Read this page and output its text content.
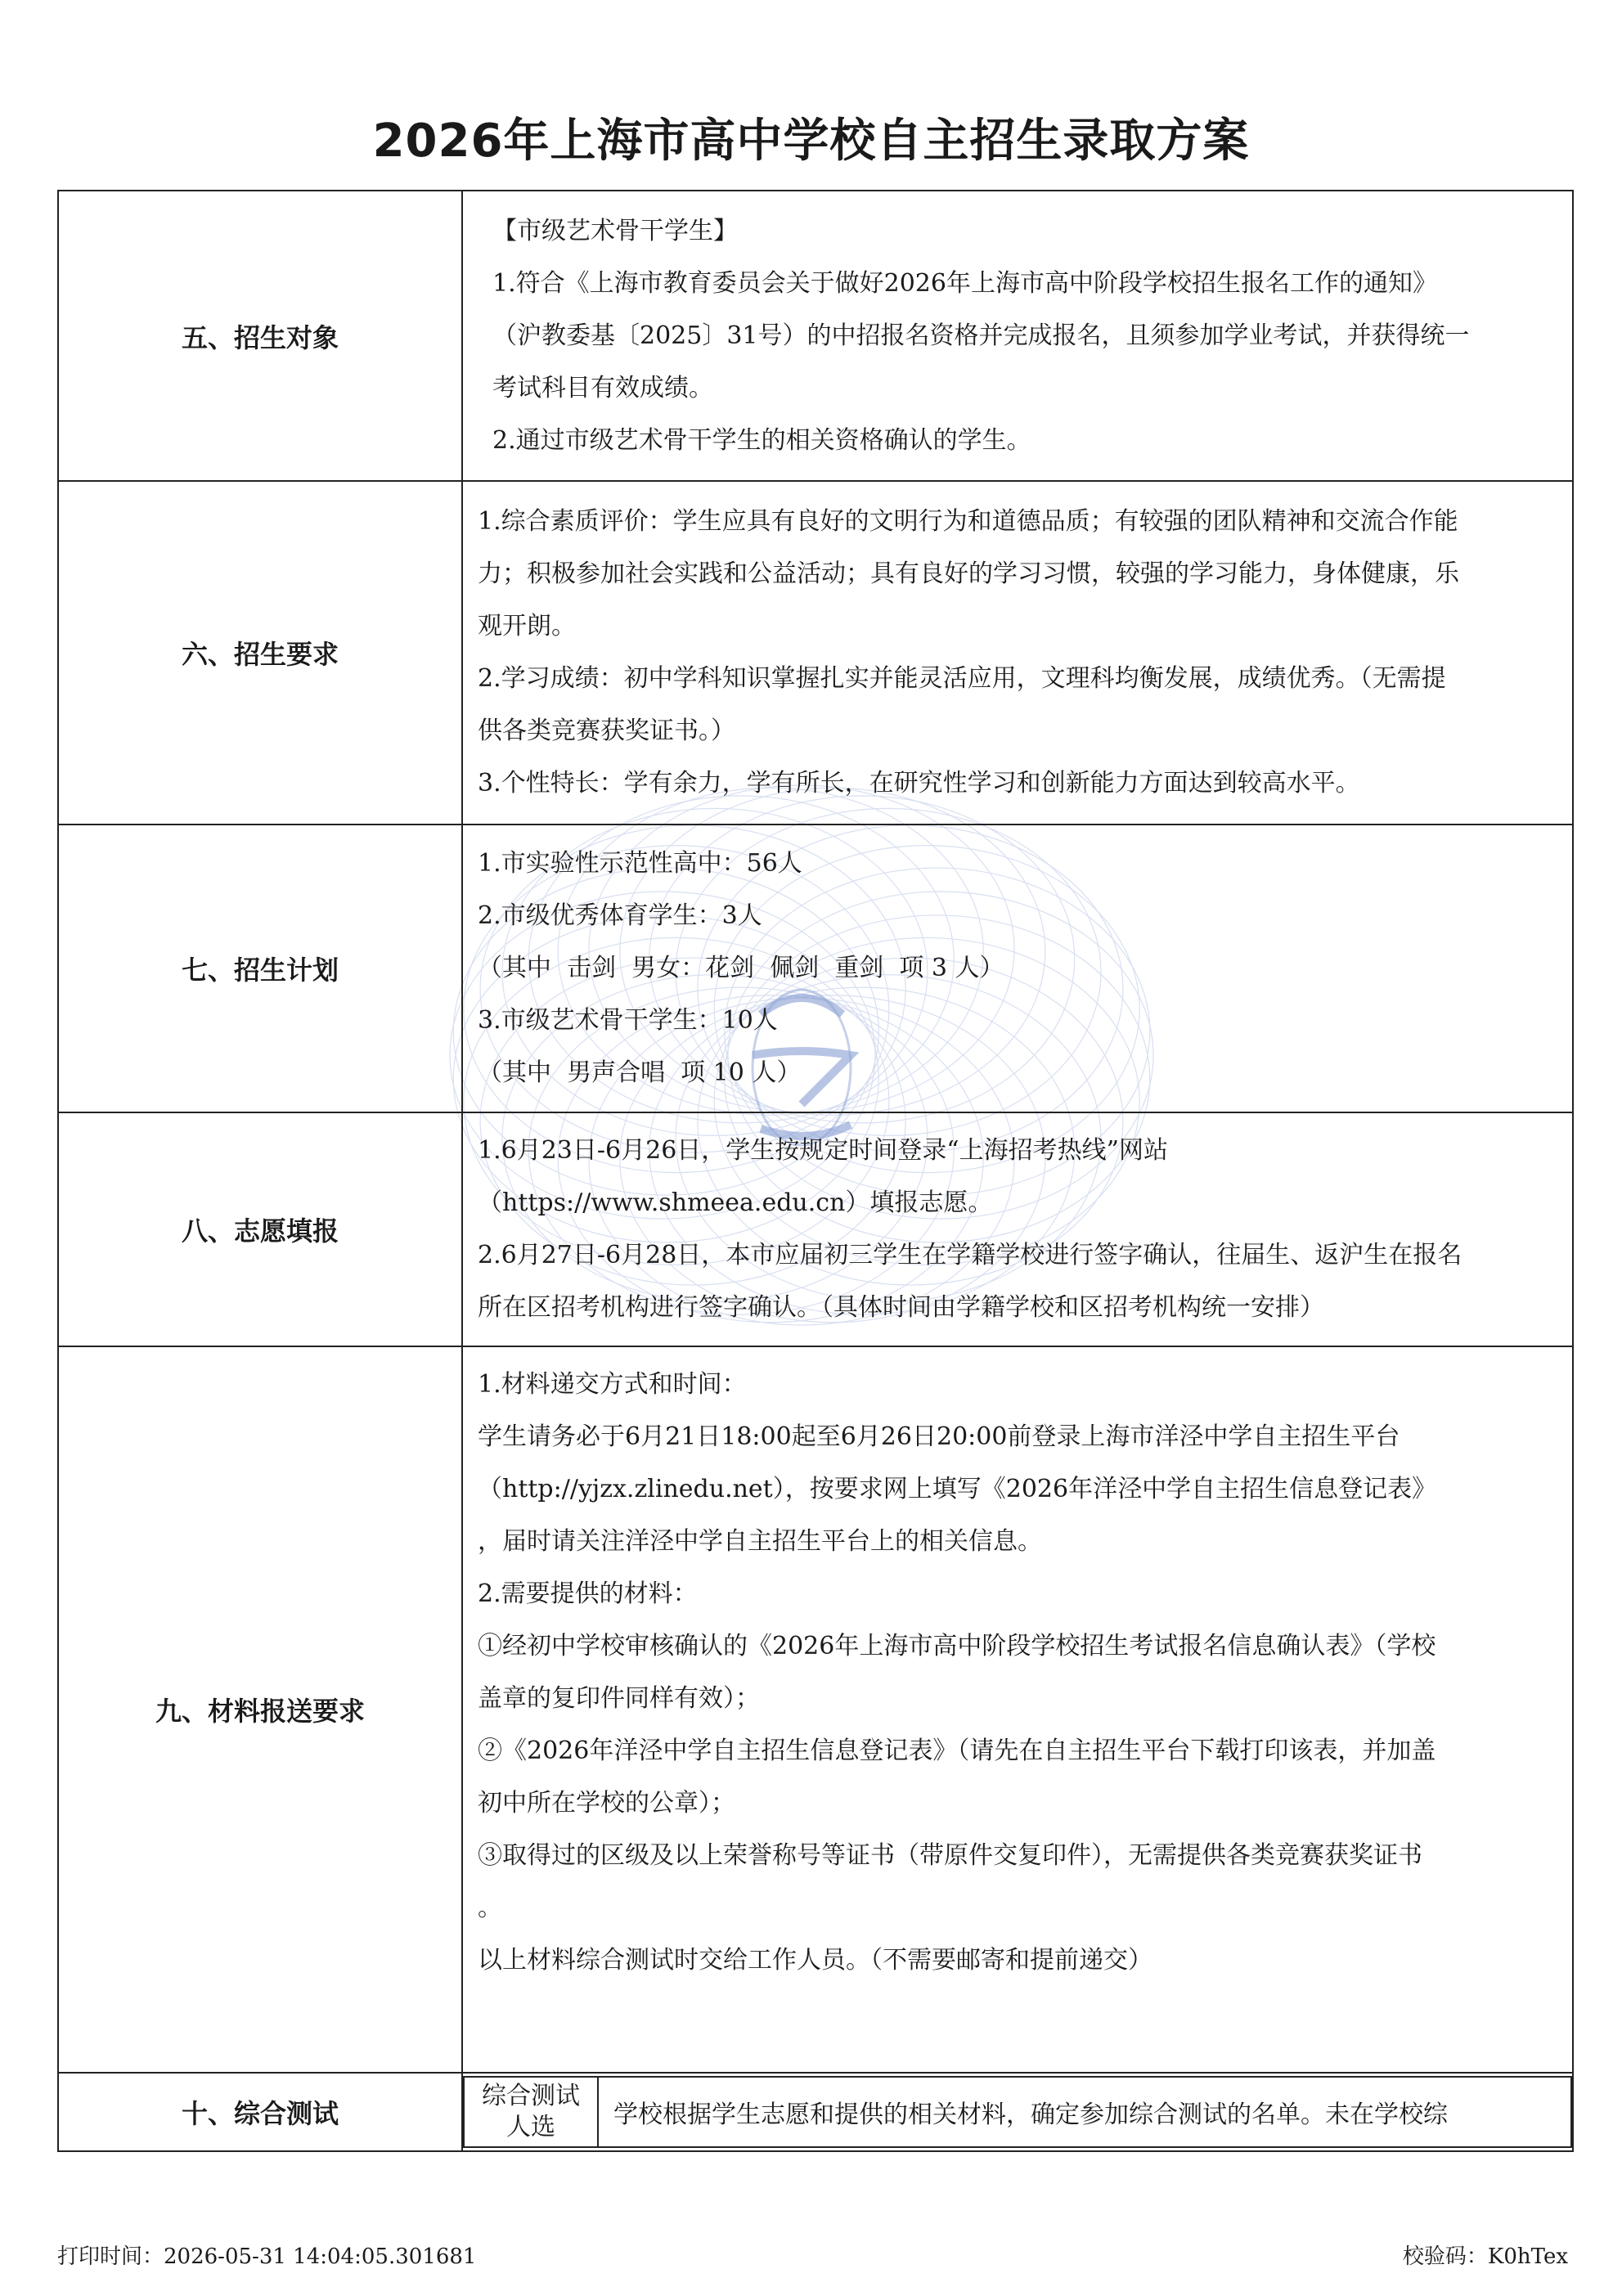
2026年上海市高中学校自主招生录取方案
五、招生对象	
【市级艺术骨干学生】
1.符合《上海市教育委员会关于做好2026年上海市高中阶段学校招生报名工作的通知》
（沪教委基〔2025〕31号）的中招报名资格并完成报名，且须参加学业考试，并获得统一
考试科目有效成绩。
2.通过市级艺术骨干学生的相关资格确认的学生。

六、招生要求	
1.综合素质评价：学生应具有良好的文明行为和道德品质；有较强的团队精神和交流合作能
力；积极参加社会实践和公益活动；具有良好的学习习惯，较强的学习能力，身体健康，乐
观开朗。
2.学习成绩：初中学科知识掌握扎实并能灵活应用，文理科均衡发展，成绩优秀。（无需提
供各类竞赛获奖证书。）
3.个性特长：学有余力，学有所长，在研究性学习和创新能力方面达到较高水平。

七、招生计划	
1.市实验性示范性高中：56人
2.市级优秀体育学生：3人
（其中  击剑  男女：花剑  佩剑  重剑  项 3 人）
3.市级艺术骨干学生：10人
（其中  男声合唱  项 10 人）

八、志愿填报	
1.6月23日-6月26日，学生按规定时间登录“上海招考热线”网站
（https://www.shmeea.edu.cn）填报志愿。
2.6月27日-6月28日，本市应届初三学生在学籍学校进行签字确认，往届生、返沪生在报名
所在区招考机构进行签字确认。（具体时间由学籍学校和区招考机构统一安排）

九、材料报送要求	
1.材料递交方式和时间：
学生请务必于6月21日18:00起至6月26日20:00前登录上海市洋泾中学自主招生平台
（http://yjzx.zlinedu.net），按要求网上填写《2026年洋泾中学自主招生信息登记表》
，届时请关注洋泾中学自主招生平台上的相关信息。
2.需要提供的材料：
①经初中学校审核确认的《2026年上海市高中阶段学校招生考试报名信息确认表》（学校
盖章的复印件同样有效）；
②《2026年洋泾中学自主招生信息登记表》（请先在自主招生平台下载打印该表，并加盖
初中所在学校的公章）；
③取得过的区级及以上荣誉称号等证书（带原件交复印件），无需提供各类竞赛获奖证书
。
以上材料综合测试时交给工作人员。（不需要邮寄和提前递交）

十、综合测试	
综合测试
人选	学校根据学生志愿和提供的相关材料，确定参加综合测试的名单。未在学校综
打印时间：2026-05-31 14:04:05.301681	校验码：K0hTex
